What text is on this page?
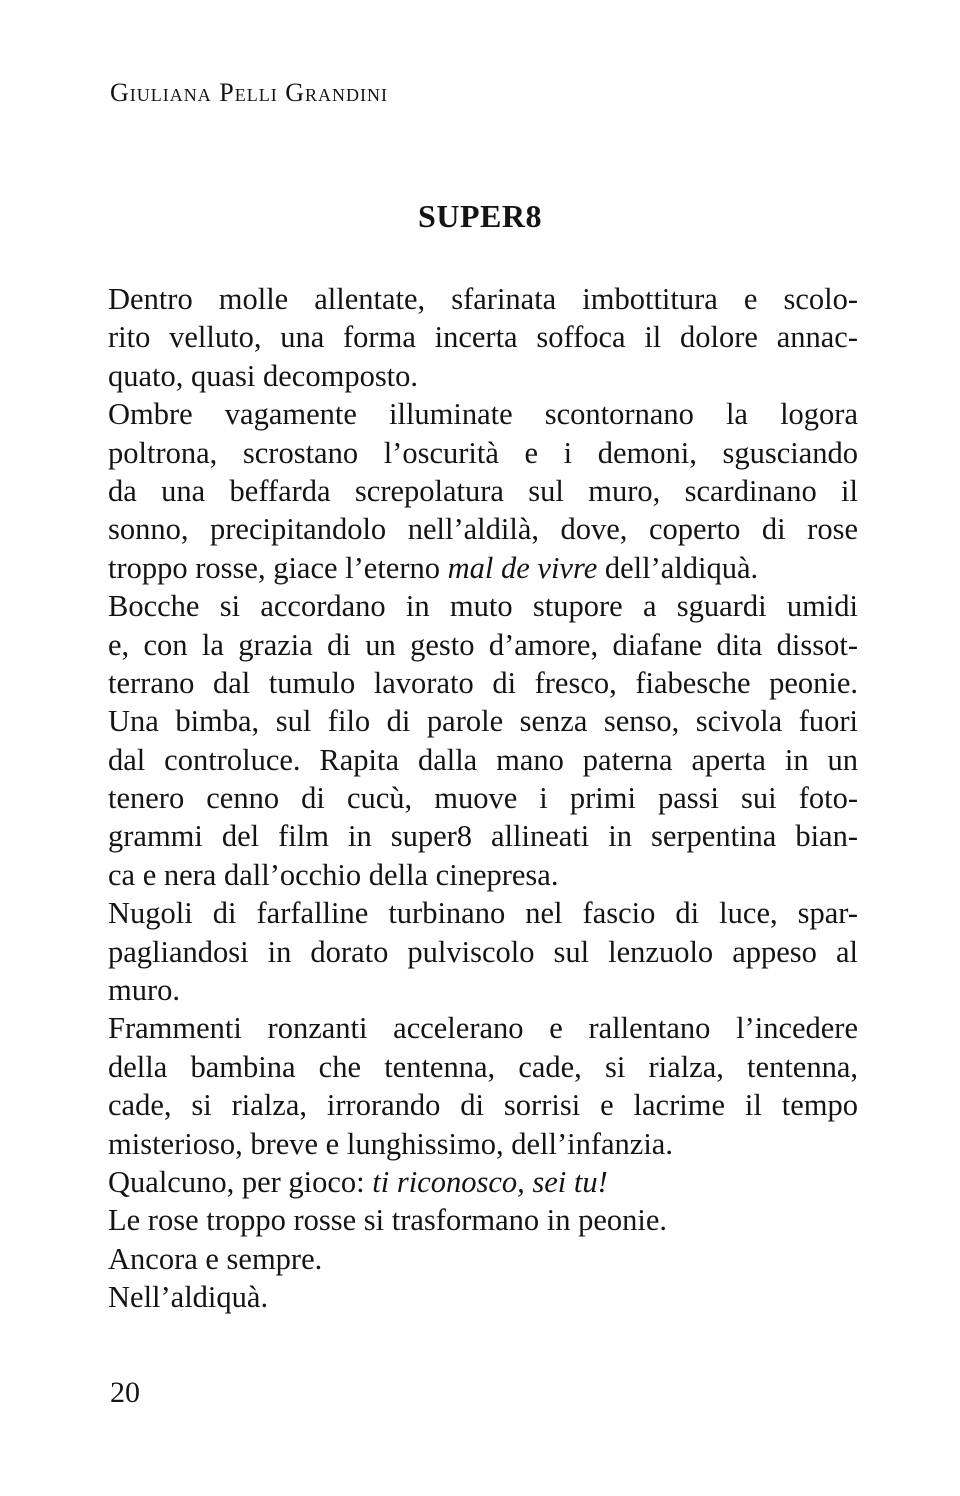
Giuliana Pelli Grandini
SUPER8
Dentro molle allentate, sfarinata imbottitura e scolo-
rito velluto, una forma incerta soffoca il dolore annac-
quato, quasi decomposto.
Ombre vagamente illuminate scontornano la logora
poltrona, scrostano l’oscurità e i demoni, sgusciando
da una beffarda screpolatura sul muro, scardinano il
sonno, precipitandolo nell’aldilà, dove, coperto di rose
troppo rosse, giace l’eterno mal de vivre dell’aldiquà.
Bocche si accordano in muto stupore a sguardi umidi
e, con la grazia di un gesto d’amore, diafane dita dissot-
terrano dal tumulo lavorato di fresco, fiabesche peonie.
Una bimba, sul filo di parole senza senso, scivola fuori
dal controluce. Rapita dalla mano paterna aperta in un
tenero cenno di cucù, muove i primi passi sui foto-
grammi del film in super8 allineati in serpentina bian-
ca e nera dall’occhio della cinepresa.
Nugoli di farfalline turbinano nel fascio di luce, spar-
pagliandosi in dorato pulviscolo sul lenzuolo appeso al
muro.
Frammenti ronzanti accelerano e rallentano l’incedere
della bambina che tentenna, cade, si rialza, tentenna,
cade, si rialza, irrorando di sorrisi e lacrime il tempo
misterioso, breve e lunghissimo, dell’infanzia.
Qualcuno, per gioco: ti riconosco, sei tu!
Le rose troppo rosse si trasformano in peonie.
Ancora e sempre.
Nell’aldiquà.
20
